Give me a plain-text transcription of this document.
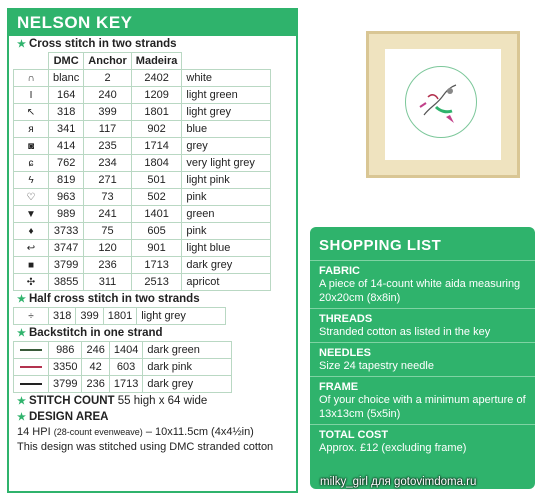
NELSON KEY
★ Cross stitch in two strands
	DMC	Anchor	Madeira	
∩	blanc	2	2402	white
I	164	240	1209	light green
↖	318	399	1801	light grey
я	341	117	902	blue
◙	414	235	1714	grey
ɕ	762	234	1804	very light grey
ϟ	819	271	501	light pink
♡	963	73	502	pink
▼	989	241	1401	green
♦	3733	75	605	pink
↩	3747	120	901	light blue
■	3799	236	1713	dark grey
✣	3855	311	2513	apricot
★ Half cross stitch in two strands
÷	318	399	1801	light grey
★ Backstitch in one strand
	986	246	1404	dark green
	3350	42	603	dark pink
	3799	236	1713	dark grey
★ STITCH COUNT 55 high x 64 wide
★ DESIGN AREA
14 HPI (28-count evenweave) – 10x11.5cm (4x4½in)
This design was stitched using DMC stranded cotton
SHOPPING LIST
FABRIC
A piece of 14-count white aida measuring 20x20cm (8x8in)
THREADS
Stranded cotton as listed in the key
NEEDLES
Size 24 tapestry needle
FRAME
Of your choice with a minimum aperture of 13x13cm (5x5in)
TOTAL COST
Approx. £12 (excluding frame)
milky_girl для gotovimdoma.ru
